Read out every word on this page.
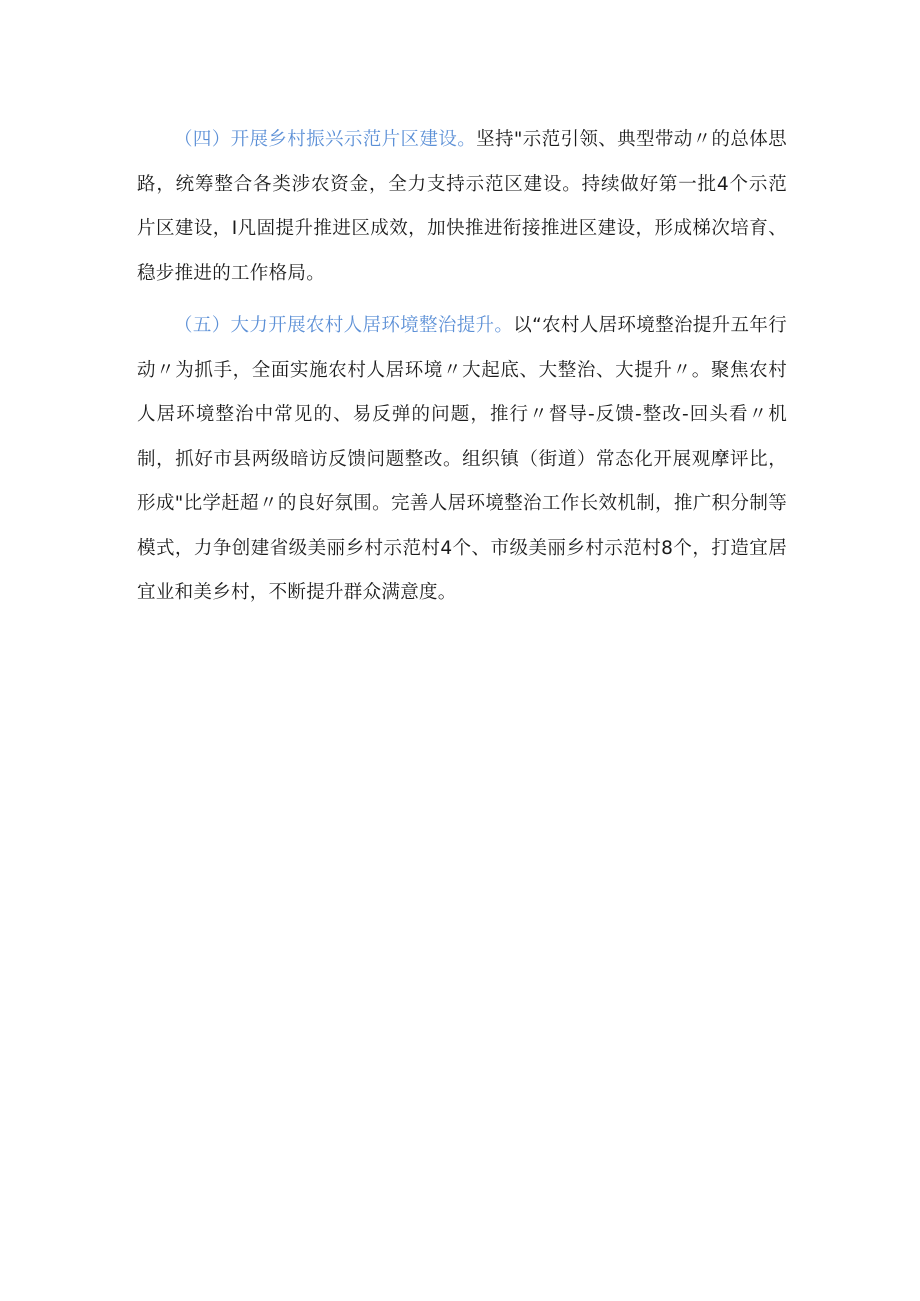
（四）开展乡村振兴示范片区建设。坚持"示范引领、典型带动〃的总体思路，统筹整合各类涉农资金，全力支持示范区建设。持续做好第一批4个示范片区建设，I凡固提升推进区成效，加快推进衔接推进区建设，形成梯次培育、稳步推进的工作格局。

（五）大力开展农村人居环境整治提升。以“农村人居环境整治提升五年行动〃为抓手，全面实施农村人居环境〃大起底、大整治、大提升〃。聚焦农村人居环境整治中常见的、易反弹的问题，推行〃督导-反馈-整改-回头看〃机制，抓好市县两级暗访反馈问题整改。组织镇（街道）常态化开展观摩评比，形成"比学赶超〃的良好氛围。完善人居环境整治工作长效机制，推广积分制等模式，力争创建省级美丽乡村示范村4个、市级美丽乡村示范村8个，打造宜居宜业和美乡村，不断提升群众满意度。
